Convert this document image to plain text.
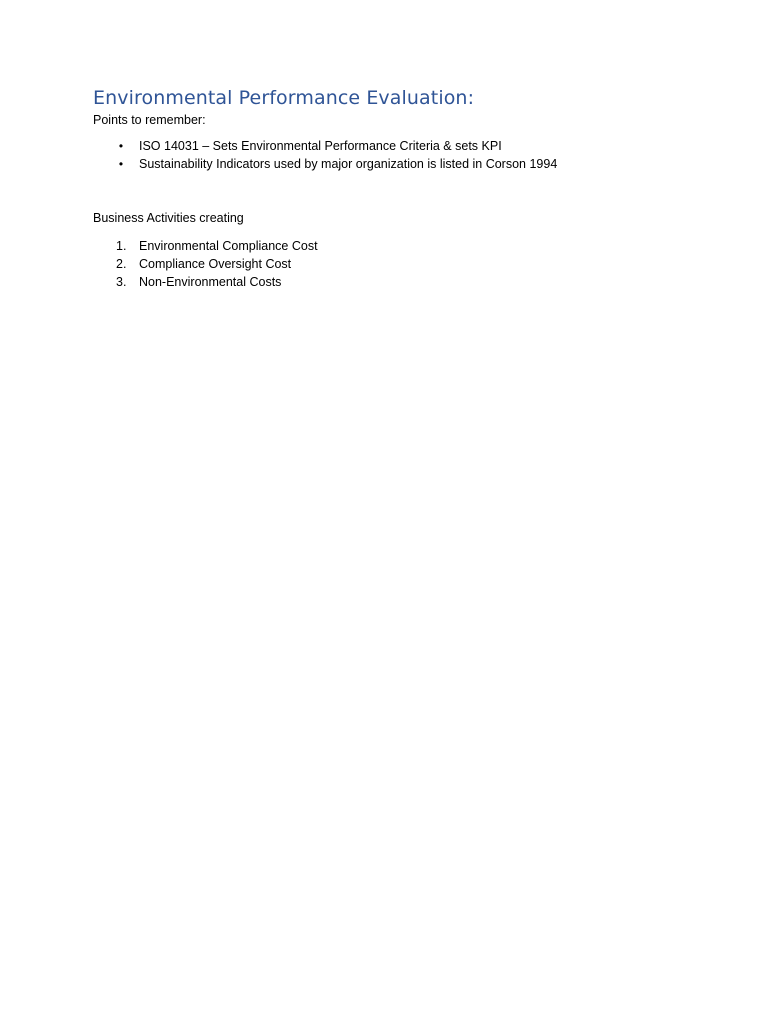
Environmental Performance Evaluation:

Points to remember:

• ISO 14031 – Sets Environmental Performance Criteria & sets KPI
• Sustainability Indicators used by major organization is listed in Corson 1994

Business Activities creating

1. Environmental Compliance Cost
2. Compliance Oversight Cost
3. Non-Environmental Costs
